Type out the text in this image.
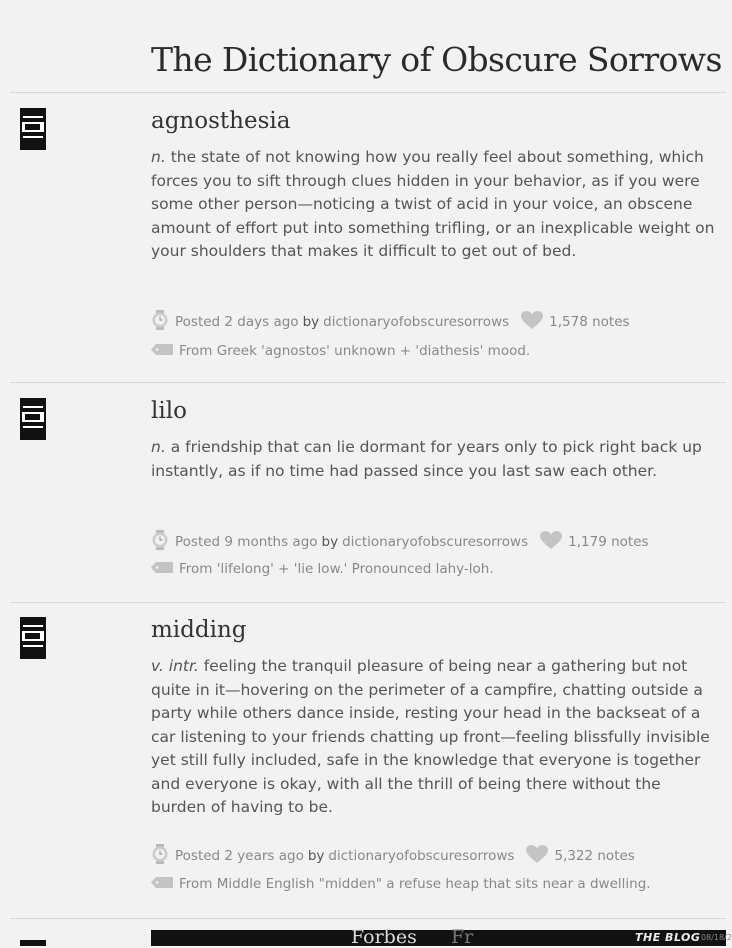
The Dictionary of Obscure Sorrows
agnosthesia

n. the state of not knowing how you really feel about something, which forces you to sift through clues hidden in your behavior, as if you were some other person—noticing a twist of acid in your voice, an obscene amount of effort put into something trifling, or an inexplicable weight on your shoulders that makes it difficult to get out of bed.

Posted 2 days ago by dictionaryofobscuresorrows	1,578 notes
From Greek 'agnostos' unknown + 'diathesis' mood.
lilo

n. a friendship that can lie dormant for years only to pick right back up instantly, as if no time had passed since you last saw each other.

Posted 9 months ago by dictionaryofobscuresorrows	1,179 notes
From 'lifelong' + 'lie low.' Pronounced lahy-loh.
midding

v. intr. feeling the tranquil pleasure of being near a gathering but not quite in it—hovering on the perimeter of a campfire, chatting outside a party while others dance inside, resting your head in the backseat of a car listening to your friends chatting up front—feeling blissfully invisible yet still fully included, safe in the knowledge that everyone is together and everyone is okay, with all the thrill of being there without the burden of having to be.

Posted 2 years ago by dictionaryofobscuresorrows	5,322 notes
From Middle English "midden" a refuse heap that sits near a dwelling.
Forbes Fr	THE BLOG 08/18/2
